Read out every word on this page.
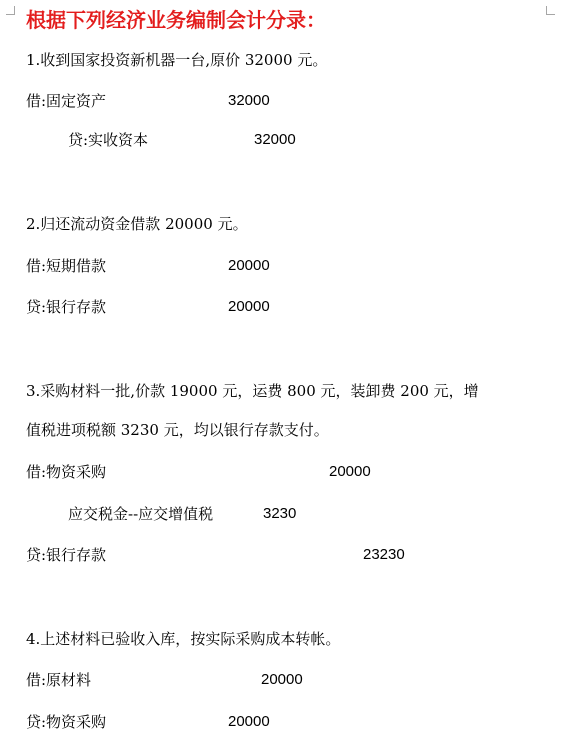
根据下列经济业务编制会计分录：
1.收到国家投资新机器一台,原价 32000 元。
借:固定资产	32000
贷:实收资本	32000
2.归还流动资金借款 20000 元。
借:短期借款	20000
贷:银行存款	20000
3.采购材料一批,价款 19000 元，运费 800 元，装卸费 200 元，增
值税进项税额 3230 元，均以银行存款支付。
借:物资采购	20000
应交税金--应交增值税	3230
贷:银行存款	23230
4.上述材料已验收入库，按实际采购成本转帐。
借:原材料	20000
贷:物资采购	20000
